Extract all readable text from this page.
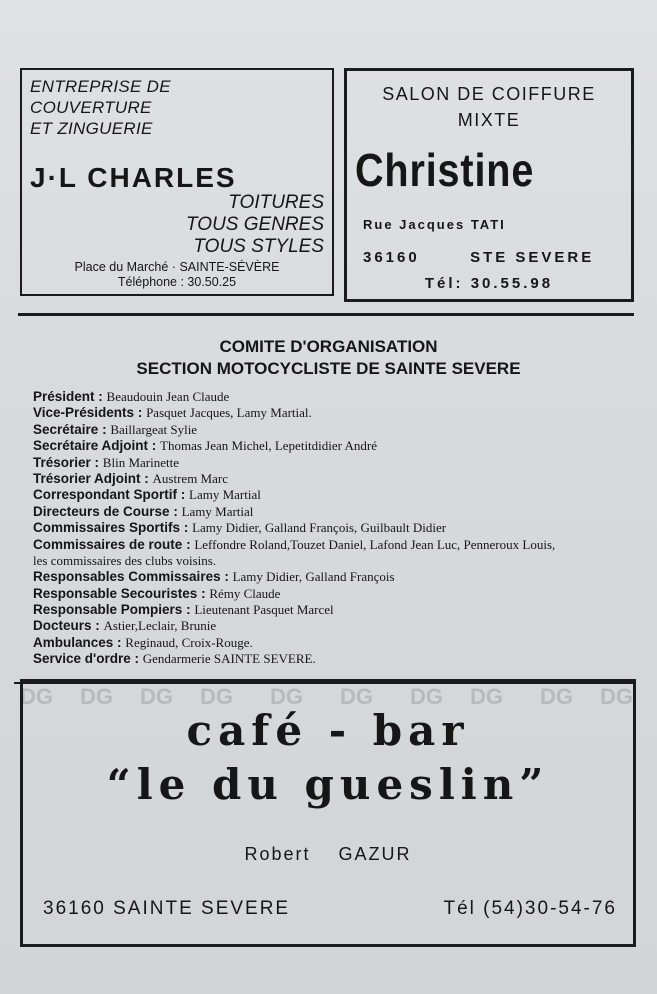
ENTREPRISE DE
COUVERTURE
ET ZINGUERIE
J·L CHARLES
TOITURES
TOUS GENRES
TOUS STYLES
Place du Marché · SAINTE-SÉVÈRE
Téléphone : 30.50.25
SALON DE COIFFURE
MIXTE
Christine
Rue Jacques TATI
36160	STE SEVERE
Tél: 30.55.98
COMITE D'ORGANISATION
SECTION MOTOCYCLISTE DE SAINTE SEVERE
Président : Beaudouin Jean Claude
Vice-Présidents : Pasquet Jacques, Lamy Martial.
Secrétaire : Baillargeat Sylie
Secrétaire Adjoint : Thomas Jean Michel, Lepetitdidier André
Trésorier : Blin Marinette
Trésorier Adjoint : Austrem Marc
Correspondant Sportif : Lamy Martial
Directeurs de Course : Lamy Martial
Commissaires Sportifs : Lamy Didier, Galland François, Guilbault Didier
Commissaires de route : Leffondre Roland,Touzet Daniel, Lafond Jean Luc, Penneroux Louis,
les commissaires des clubs voisins.
Responsables Commissaires : Lamy Didier, Galland François
Responsable Secouristes : Rémy Claude
Responsable Pompiers : Lieutenant Pasquet Marcel
Docteurs : Astier,Leclair, Brunie
Ambulances : Reginaud, Croix-Rouge.
Service d'ordre : Gendarmerie SAINTE SEVERE.
DG DG DG DG DG DG DG DG DG DG
café - bar
“le du gueslin”
Robert GAZUR
36160 SAINTE SEVERE	Tél (54)30-54-76
